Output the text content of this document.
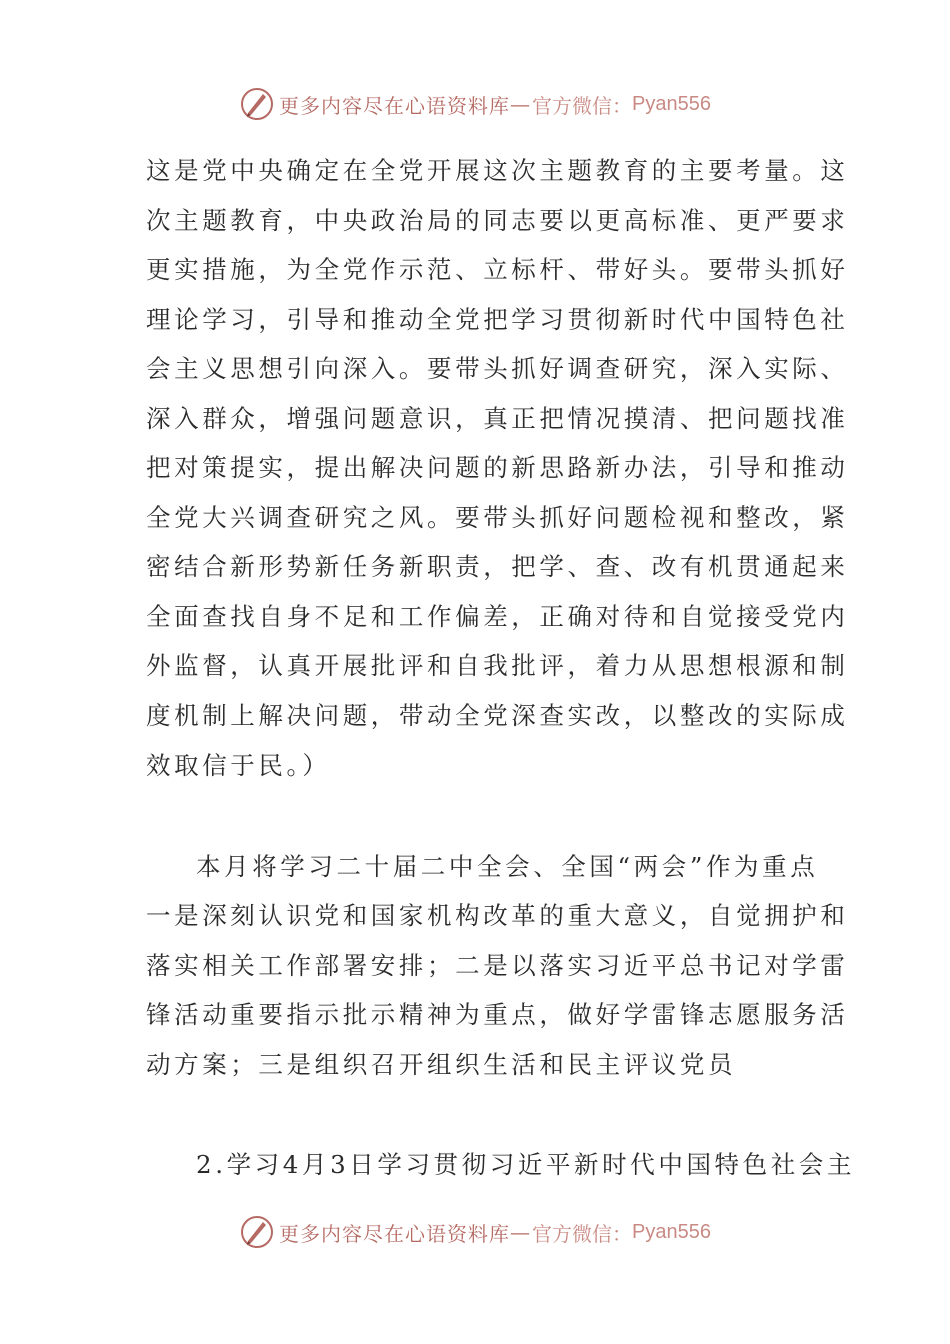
更多内容尽在心语资料库 — 官方微信： Pyan556
这是党中央确定在全党开展这次主题教育的主要考量。这
次主题教育，中央政治局的同志要以更高标准、更严要求
更实措施，为全党作示范、立标杆、带好头。要带头抓好
理论学习，引导和推动全党把学习贯彻新时代中国特色社
会主义思想引向深入。要带头抓好调查研究，深入实际、
深入群众，增强问题意识，真正把情况摸清、把问题找准
把对策提实，提出解决问题的新思路新办法，引导和推动
全党大兴调查研究之风。要带头抓好问题检视和整改，紧
密结合新形势新任务新职责，把学、查、改有机贯通起来
全面查找自身不足和工作偏差，正确对待和自觉接受党内
外监督，认真开展批评和自我批评，着力从思想根源和制
度机制上解决问题，带动全党深查实改，以整改的实际成
效取信于民。）
本月将学习二十届二中全会、全国“两会”作为重点
一是深刻认识党和国家机构改革的重大意义，自觉拥护和
落实相关工作部署安排；二是以落实习近平总书记对学雷
锋活动重要指示批示精神为重点，做好学雷锋志愿服务活
动方案；三是组织召开组织生活和民主评议党员
2.学习4月3日学习贯彻习近平新时代中国特色社会主
更多内容尽在心语资料库 — 官方微信： Pyan556
